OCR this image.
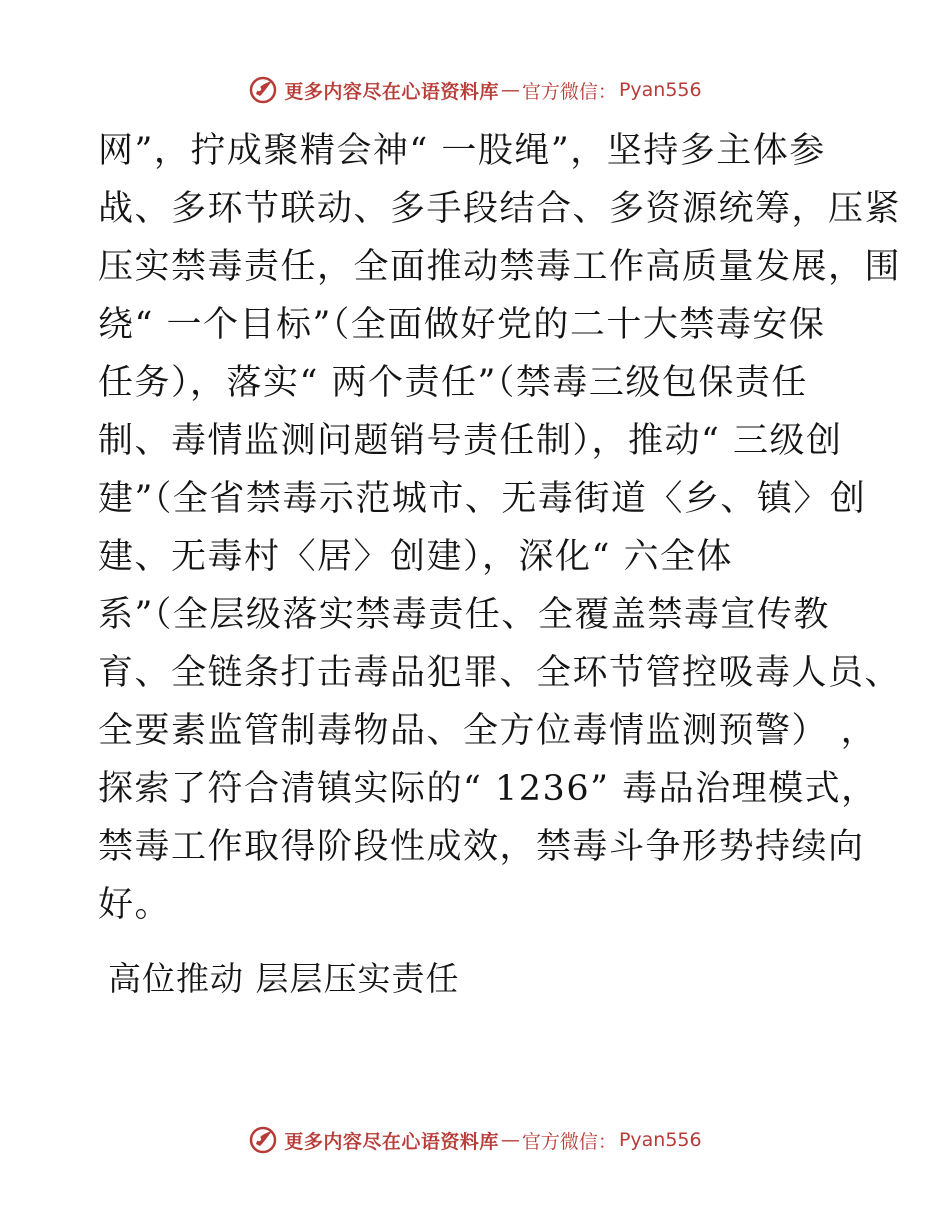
更多内容尽在心语资料库 — 官方微信： Pyan556
网”，拧成聚精会神“ 一股绳”，坚持多主体参
战、多环节联动、多手段结合、多资源统筹，压紧
压实禁毒责任，全面推动禁毒工作高质量发展，围
绕“ 一个目标”（全面做好党的二十大禁毒安保
任务），落实“ 两个责任”（禁毒三级包保责任
制、毒情监测问题销号责任制），推动“ 三级创
建”（全省禁毒示范城市、无毒街道〈乡、镇〉创
建、无毒村〈居〉创建），深化“ 六全体
系”（全层级落实禁毒责任、全覆盖禁毒宣传教
育、全链条打击毒品犯罪、全环节管控吸毒人员、
全要素监管制毒物品、全方位毒情监测预警） ，
探索了符合清镇实际的“ 1236” 毒品治理模式，
禁毒工作取得阶段性成效，禁毒斗争形势持续向
好。
高位推动 层层压实责任
更多内容尽在心语资料库 — 官方微信： Pyan556
